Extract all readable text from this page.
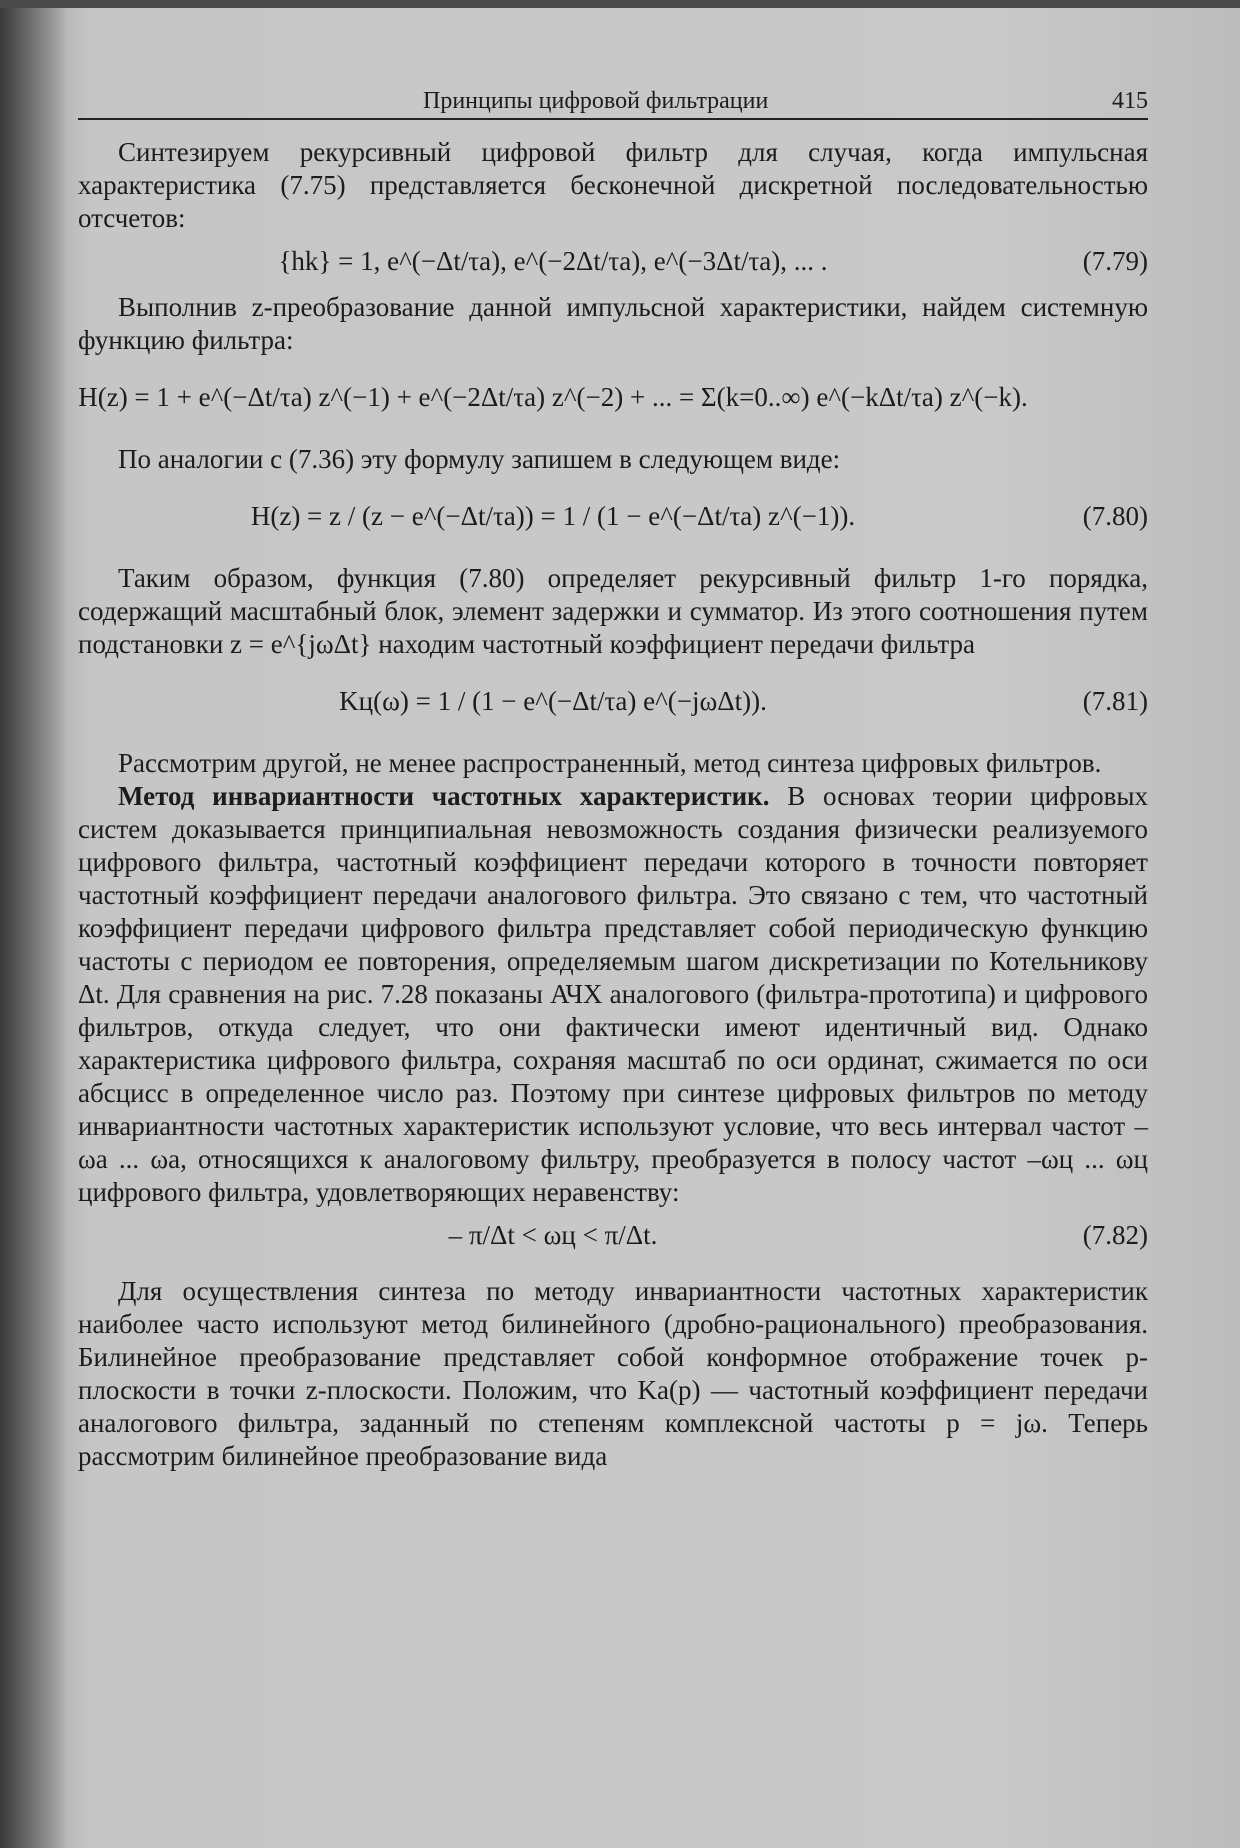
Принципы цифровой фильтрации	415

Синтезируем рекурсивный цифровой фильтр для случая, когда импульсная характеристика (7.75) представляется бесконечной дискретной последовательностью отсчетов:

{hk} = 1, e^(−Δt/τa), e^(−2Δt/τa), e^(−3Δt/τa), ... .	(7.79)

Выполнив z-преобразование данной импульсной характеристики, найдем системную функцию фильтра:

H(z) = 1 + e^(−Δt/τa) z^(−1) + e^(−2Δt/τa) z^(−2) + ... = Σ(k=0..∞) e^(−kΔt/τa) z^(−k).

По аналогии с (7.36) эту формулу запишем в следующем виде:

H(z) = z / (z − e^(−Δt/τa)) = 1 / (1 − e^(−Δt/τa) z^(−1)).	(7.80)

Таким образом, функция (7.80) определяет рекурсивный фильтр 1-го порядка, содержащий масштабный блок, элемент задержки и сумматор. Из этого соотношения путем подстановки z = e^{jωΔt} находим частотный коэффициент передачи фильтра

Kц(ω) = 1 / (1 − e^(−Δt/τa) e^(−jωΔt)).	(7.81)

Рассмотрим другой, не менее распространенный, метод синтеза цифровых фильтров.

Метод инвариантности частотных характеристик. В основах теории цифровых систем доказывается принципиальная невозможность создания физически реализуемого цифрового фильтра, частотный коэффициент передачи которого в точности повторяет частотный коэффициент передачи аналогового фильтра. Это связано с тем, что частотный коэффициент передачи цифрового фильтра представляет собой периодическую функцию частоты с периодом ее повторения, определяемым шагом дискретизации по Котельникову Δt. Для сравнения на рис. 7.28 показаны АЧХ аналогового (фильтра-прототипа) и цифрового фильтров, откуда следует, что они фактически имеют идентичный вид. Однако характеристика цифрового фильтра, сохраняя масштаб по оси ординат, сжимается по оси абсцисс в определенное число раз. Поэтому при синтезе цифровых фильтров по методу инвариантности частотных характеристик используют условие, что весь интервал частот –ωa ... ωa, относящихся к аналоговому фильтру, преобразуется в полосу частот –ωц ... ωц цифрового фильтра, удовлетворяющих неравенству:

– π/Δt < ωц < π/Δt.	(7.82)

Для осуществления синтеза по методу инвариантности частотных характеристик наиболее часто используют метод билинейного (дробно-рационального) преобразования. Билинейное преобразование представляет собой конформное отображение точек p-плоскости в точки z-плоскости. Положим, что Ka(p) — частотный коэффициент передачи аналогового фильтра, заданный по степеням комплексной частоты p = jω. Теперь рассмотрим билинейное преобразование вида
